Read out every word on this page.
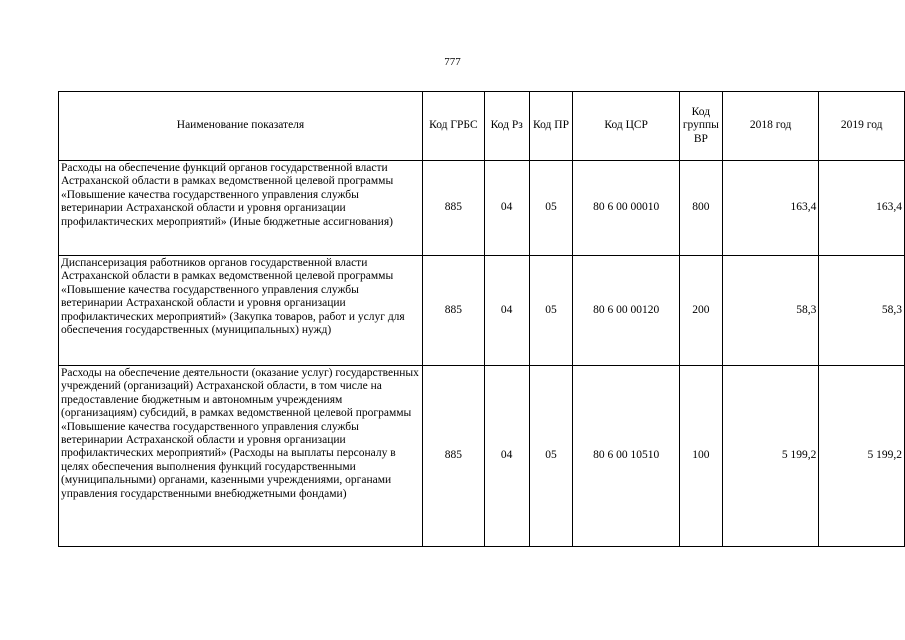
777
Наименование показателя	Код ГРБС	Код Рз	Код ПР	Код ЦСР	Код группы ВР	2018 год	2019 год
Расходы на обеспечение функций органов государственной власти Астраханской области в рамках ведомственной целевой программы «Повышение качества государственного управления службы ветеринарии Астраханской области и уровня организации профилактических мероприятий» (Иные бюджетные ассигнования)	885	04	05	80 6 00 00010	800	163,4	163,4
Диспансеризация работников органов государственной власти Астраханской области в рамках ведомственной целевой программы «Повышение качества государственного управления службы ветеринарии Астраханской области и уровня организации профилактических мероприятий» (Закупка товаров, работ и услуг для обеспечения государственных (муниципальных) нужд)	885	04	05	80 6 00 00120	200	58,3	58,3
Расходы на обеспечение деятельности (оказание услуг) государственных учреждений (организаций) Астраханской области, в том числе на предоставление бюджетным и автономным учреждениям (организациям) субсидий, в рамках ведомственной целевой программы «Повышение качества государственного управления службы ветеринарии Астраханской области и уровня организации профилактических мероприятий» (Расходы на выплаты персоналу в целях обеспечения выполнения функций государственными (муниципальными) органами, казенными учреждениями, органами управления государственными внебюджетными фондами)	885	04	05	80 6 00 10510	100	5 199,2	5 199,2
